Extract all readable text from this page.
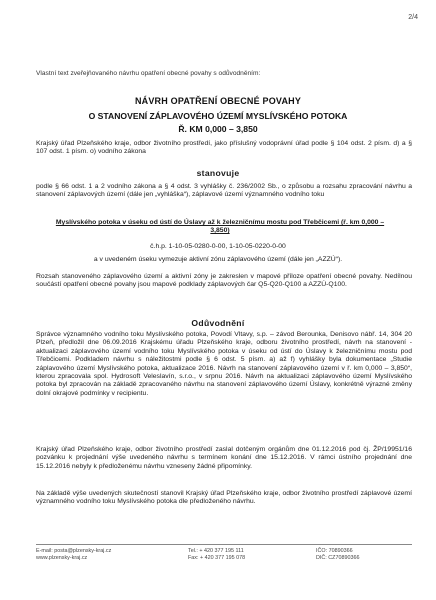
2/4
Vlastní text zveřejňovaného návrhu opatření obecné povahy s odůvodněním:
NÁVRH OPATŘENÍ OBECNÉ POVAHY
O STANOVENÍ ZÁPLAVOVÉHO ÚZEMÍ MYSLÍVSKÉHO POTOKA
Ř. KM 0,000 – 3,850
Krajský úřad Plzeňského kraje, odbor životního prostředí, jako příslušný vodoprávní úřad podle § 104 odst. 2 písm. d) a § 107 odst. 1 písm. o) vodního zákona
stanovuje
podle § 66 odst. 1 a 2 vodního zákona a § 4 odst. 3 vyhlášky č. 236/2002 Sb., o způsobu a rozsahu zpracování návrhu a stanovení záplavových území (dále jen „vyhláška“), záplavové území významného vodního toku
Myslívského potoka v úseku od ústí do Úslavy až k železničnímu mostu pod Třebčicemi (ř. km 0,000 – 3,850)
č.h.p. 1-10-05-0280-0-00, 1-10-05-0220-0-00
a v uvedeném úseku vymezuje aktivní zónu záplavového území (dále jen „AZZÚ“).
Rozsah stanoveného záplavového území a aktivní zóny je zakreslen v mapové příloze opatření obecné povahy. Nedílnou součástí opatření obecné povahy jsou mapové podklady záplavových čar Q5-Q20-Q100 a AZZÚ-Q100.
Odůvodnění
Správce významného vodního toku Myslívského potoka, Povodí Vltavy, s.p. – závod Berounka, Denisovo nábř. 14, 304 20 Plzeň, předložil dne 06.09.2016 Krajskému úřadu Plzeňského kraje, odboru životního prostředí, návrh na stanovení - aktualizaci záplavového území vodního toku Myslívského potoka v úseku od ústí do Úslavy k železničnímu mostu pod Třebčicemi. Podkladem návrhu s náležitostmi podle § 6 odst. 5 písm. a) až f) vyhlášky byla dokumentace „Studie záplavového území Myslívského potoka, aktualizace 2016. Návrh na stanovení záplavového území v ř. km 0,000 – 3,850“, kterou zpracovala spol. Hydrosoft Veleslavín, s.r.o., v srpnu 2016. Návrh na aktualizaci záplavového území Myslívského potoka byl zpracován na základě zpracovaného návrhu na stanovení záplavového území Úslavy, konkrétně výrazné změny dolní okrajové podmínky v recipientu.
Krajský úřad Plzeňského kraje, odbor životního prostředí zaslal dotčeným orgánům dne 01.12.2016 pod čj. ŽP/19951/16 pozvánku k projednání výše uvedeného návrhu s termínem konání dne 15.12.2016. V rámci ústního projednání dne 15.12.2016 nebyly k předloženému návrhu vzneseny žádné připomínky.
Na základě výše uvedených skutečností stanovil Krajský úřad Plzeňského kraje, odbor životního prostředí záplavové území významného vodního toku Myslívského potoka dle předloženého návrhu.
E-mail: posta@plzensky-kraj.cz
www.plzensky-kraj.cz
Tel.: + 420 377 195 111
Fax: + 420 377 195 078
IČO: 70890366
DIČ: CZ70890366
